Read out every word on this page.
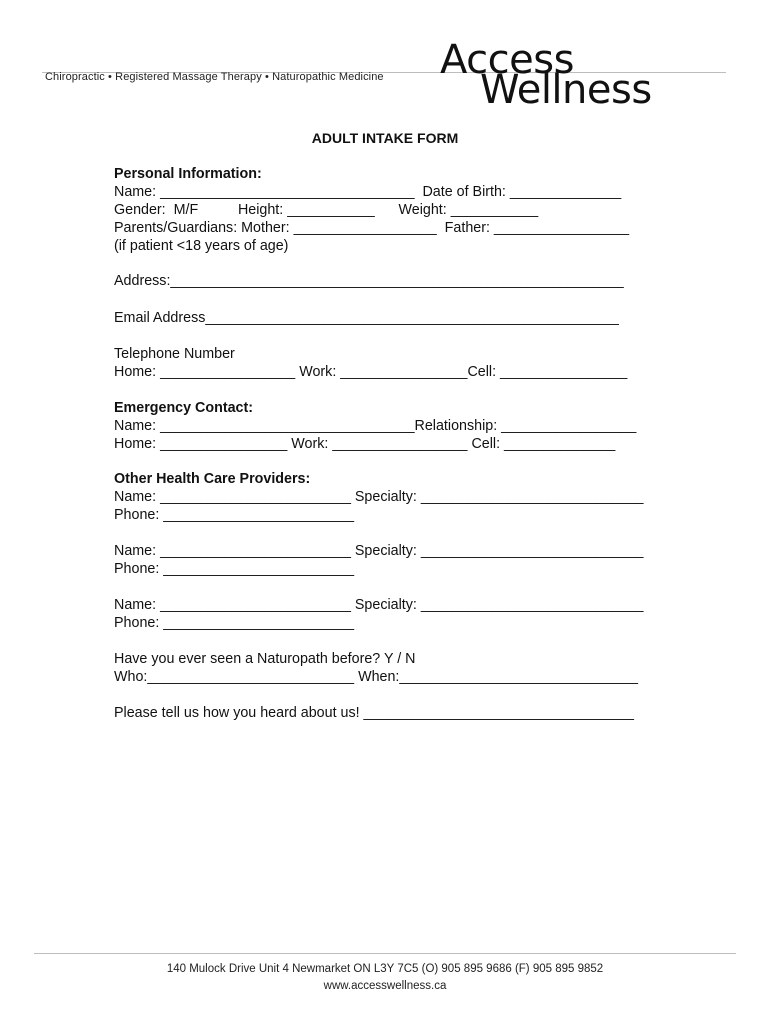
Chiropractic • Registered Massage Therapy • Naturopathic Medicine Access
Wellness
ADULT INTAKE FORM
Personal Information:
Name: ________________________________  Date of Birth: ______________
Gender:  M/F          Height: ___________      Weight: ___________
Parents/Guardians: Mother: __________________  Father: _________________
(if patient <18 years of age)
Address:_________________________________________________________
Email Address____________________________________________________
Telephone Number
Home: _________________ Work: ________________Cell: ________________
Emergency Contact:
Name: ________________________________Relationship: _________________
Home: ________________ Work: _________________ Cell: ______________
Other Health Care Providers:
Name: ________________________ Specialty: ____________________________
Phone: ________________________
Name: ________________________ Specialty: ____________________________
Phone: ________________________
Name: ________________________ Specialty: ____________________________
Phone: ________________________
Have you ever seen a Naturopath before? Y / N
Who:__________________________ When:______________________________
Please tell us how you heard about us! __________________________________
140 Mulock Drive Unit 4 Newmarket ON L3Y 7C5 (O) 905 895 9686 (F) 905 895 9852
www.accesswellness.ca
